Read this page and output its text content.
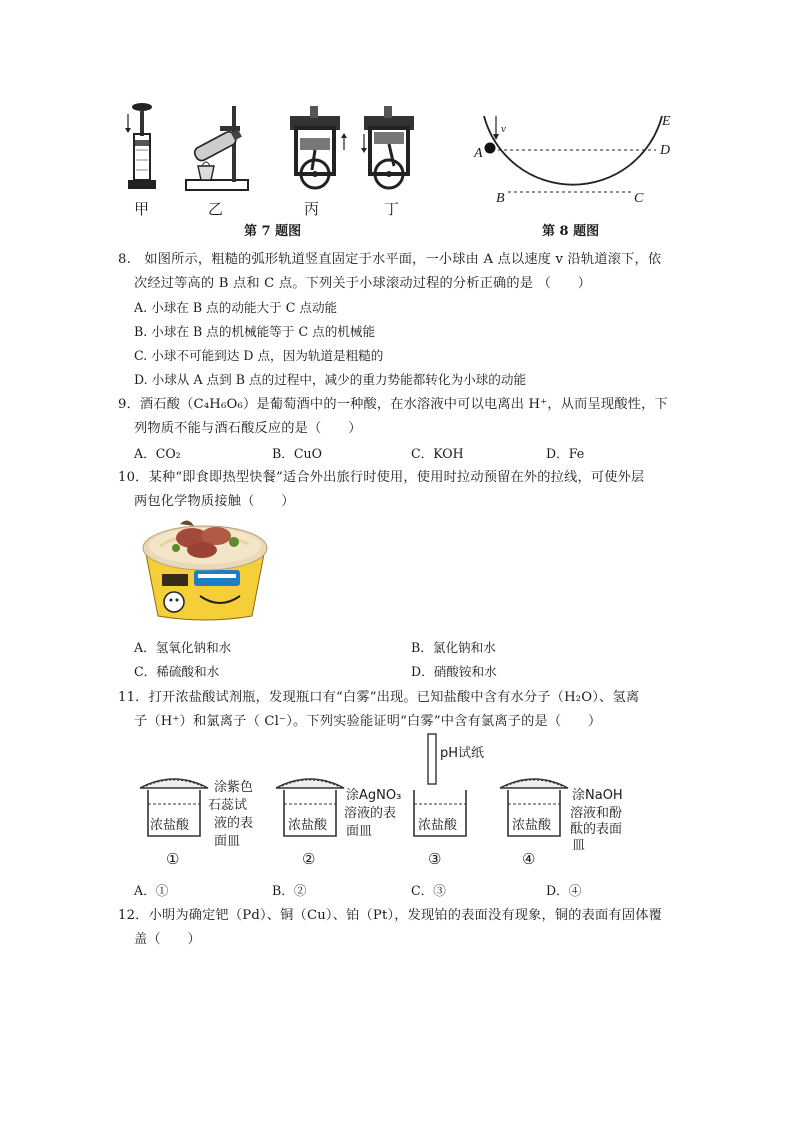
甲	乙	丙	丁
第 7 题图
v
A
B	C
D
E
第 8 题图
8.　如图所示，粗糙的弧形轨道竖直固定于水平面，一小球由 A 点以速度 v 沿轨道滚下，依
次经过等高的 B 点和 C 点。下列关于小球滚动过程的分析正确的是 （　　）
A. 小球在 B 点的动能大于 C 点动能
B. 小球在 B 点的机械能等于 C 点的机械能
C. 小球不可能到达 D 点，因为轨道是粗糙的
D. 小球从 A 点到 B 点的过程中，减少的重力势能都转化为小球的动能
9．酒石酸（C₄H₆O₆）是葡萄酒中的一种酸，在水溶液中可以电离出 H⁺，从而呈现酸性，下
列物质不能与酒石酸反应的是（　　）
A．CO₂	B．CuO	C．KOH	D．Fe
10．某种“即食即热型快餐”适合外出旅行时使用，使用时拉动预留在外的拉线，可使外层
两包化学物质接触（　　）
A．氢氧化钠和水	B．氯化钠和水
C．稀硫酸和水	D．硝酸铵和水
11．打开浓盐酸试剂瓶，发现瓶口有“白雾”出现。已知盐酸中含有水分子（H₂O）、氢离
子（H⁺）和氯离子（ Cl⁻）。下列实验能证明“白雾”中含有氯离子的是（　　）
浓盐酸
涂紫色
石蕊试
液的表
面皿
①
浓盐酸
涂AgNO₃
溶液的表
面皿
②
pH试纸
浓盐酸
③
浓盐酸
涂NaOH
溶液和酚
酞的表面
皿
④
A．①	B．②	C．③	D．④
12．小明为确定钯（Pd）、铜（Cu）、铂（Pt），发现铂的表面没有现象，铜的表面有固体覆
盖（　　）
